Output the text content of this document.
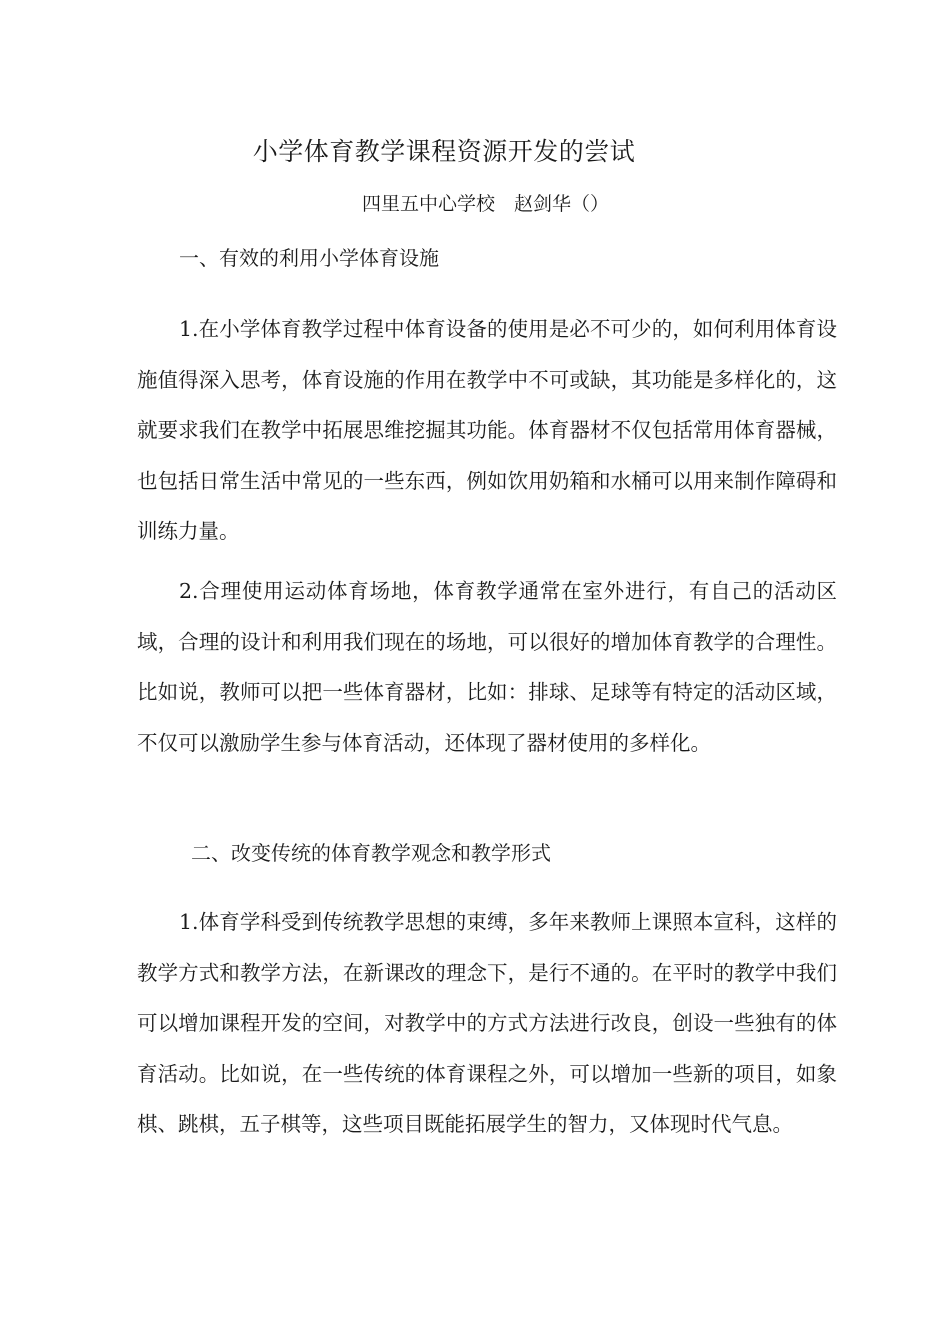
小学体育教学课程资源开发的尝试
四里五中心学校　赵剑华（）
一、有效的利用小学体育设施

1.在小学体育教学过程中体育设备的使用是必不可少的，如何利用体育设施值得深入思考，体育设施的作用在教学中不可或缺，其功能是多样化的，这就要求我们在教学中拓展思维挖掘其功能。体育器材不仅包括常用体育器械，也包括日常生活中常见的一些东西，例如饮用奶箱和水桶可以用来制作障碍和训练力量。

2.合理使用运动体育场地，体育教学通常在室外进行，有自己的活动区域，合理的设计和利用我们现在的场地，可以很好的增加体育教学的合理性。比如说，教师可以把一些体育器材，比如：排球、足球等有特定的活动区域，不仅可以激励学生参与体育活动，还体现了器材使用的多样化。

二、改变传统的体育教学观念和教学形式

1.体育学科受到传统教学思想的束缚，多年来教师上课照本宣科，这样的教学方式和教学方法，在新课改的理念下，是行不通的。在平时的教学中我们可以增加课程开发的空间，对教学中的方式方法进行改良，创设一些独有的体育活动。比如说，在一些传统的体育课程之外，可以增加一些新的项目，如象棋、跳棋，五子棋等，这些项目既能拓展学生的智力，又体现时代气息。
